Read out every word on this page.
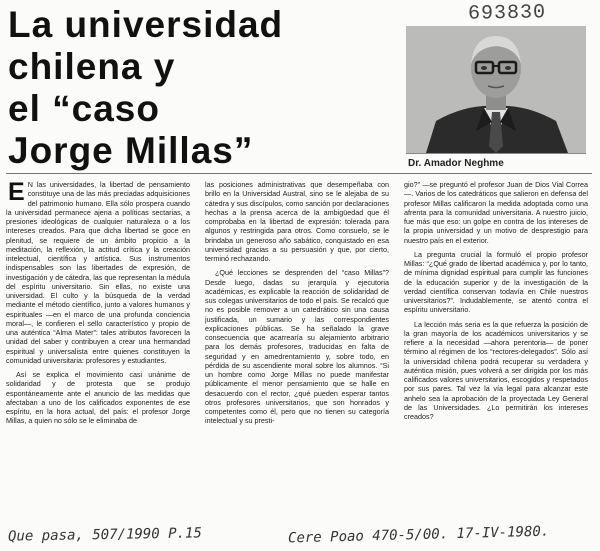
La universidad
chilena y
el “caso
Jorge Millas”
693830
Dr. Amador Neghme

E N las universidades, la libertad de pensamiento constituye una de las más preciadas adquisiciones del patrimonio humano. Ella sólo prospera cuando la universidad permanece ajena a políticas sectarias, a presiones ideológicas de cualquier naturaleza o a los intereses creados. Para que dicha libertad se goce en plenitud, se requiere de un ámbito propicio a la meditación, la reflexión, la actitud crítica y la creación intelectual, científica y artística. Sus instrumentos indispensables son las libertades de expresión, de investigación y de cátedra, las que representan la médula del espíritu universitario. Sin ellas, no existe una universidad. El culto y la búsqueda de la verdad mediante el método científico, junto a valores humanos y espirituales —en el marco de una profunda conciencia moral—, le confieren el sello característico y propio de una auténtica “Alma Mater”: tales atributos favorecen la unidad del saber y contribuyen a crear una hermandad espiritual y universalista entre quienes constituyen la comunidad universitaria: profesores y estudiantes.

Así se explica el movimiento casi unánime de solidaridad y de protesta que se produjo espontáneamente ante el anuncio de las medidas que afectaban a uno de los calificados exponentes de ese espíritu, en la hora actual, del país: el profesor Jorge Millas, a quien no sólo se le eliminaba de

las posiciones administrativas que desempeñaba con brillo en la Universidad Austral, sino se le alejaba de su cátedra y sus discípulos, como sanción por declaraciones hechas a la prensa acerca de la ambigüedad que él comprobaba en la libertad de expresión: tolerada para algunos y restringida para otros. Como consuelo, se le brindaba un generoso año sabático, conquistado en esa universidad gracias a su persuasión y que, por cierto, terminó rechazando.

¿Qué lecciones se desprenden del “caso Millas”? Desde luego, dadas su jerarquía y ejecutoria académicas, es explicable la reacción de solidaridad de sus colegas universitarios de todo el país. Se recalcó que no es posible remover a un catedrático sin una causa justificada, un sumario y las correspondientes explicaciones públicas. Se ha señalado la grave consecuencia que acarrearía su alejamiento arbitrario para los demás profesores, traducidas en falta de seguridad y en amedrentamiento y, sobre todo, en pérdida de su ascendiente moral sobre los alumnos. “Si un hombre como Jorge Millas no puede manifestar públicamente el menor pensamiento que se halle en desacuerdo con el rector, ¿qué pueden esperar tantos otros profesores universitarios, que son honrados y competentes como él, pero que no tienen su categoría intelectual y su presti-

gio?” —se preguntó el profesor Juan de Dios Vial Correa—. Varios de los catedráticos que salieron en defensa del profesor Millas calificaron la medida adoptada como una afrenta para la comunidad universitaria. A nuestro juicio, fue más que eso: un golpe en contra de los intereses de la propia universidad y un motivo de desprestigio para nuestro país en el exterior.

La pregunta crucial la formuló el propio profesor Millas: “¿Qué grado de libertad académica y, por lo tanto, de mínima dignidad espiritual para cumplir las funciones de la educación superior y de la investigación de la verdad científica conservan todavía en Chile nuestros universitarios?”. Indudablemente, se atentó contra el espíritu universitario.

La lección más seria es la que refuerza la posición de la gran mayoría de los académicos universitarios y se refiere a la necesidad —ahora perentoria— de poner término al régimen de los “rectores-delegados”. Sólo así la universidad chilena podrá recuperar su verdadera y auténtica misión, pues volverá a ser dirigida por los más calificados valores universitarios, escogidos y respetados por sus pares. Tal vez la vía legal para alcanzar este anhelo sea la aprobación de la proyectada Ley General de las Universidades. ¿Lo permitirán los intereses creados?

Que pasa, 507/1990 P.15	Cere Poao 470-5/00. 17-IV-1980.
